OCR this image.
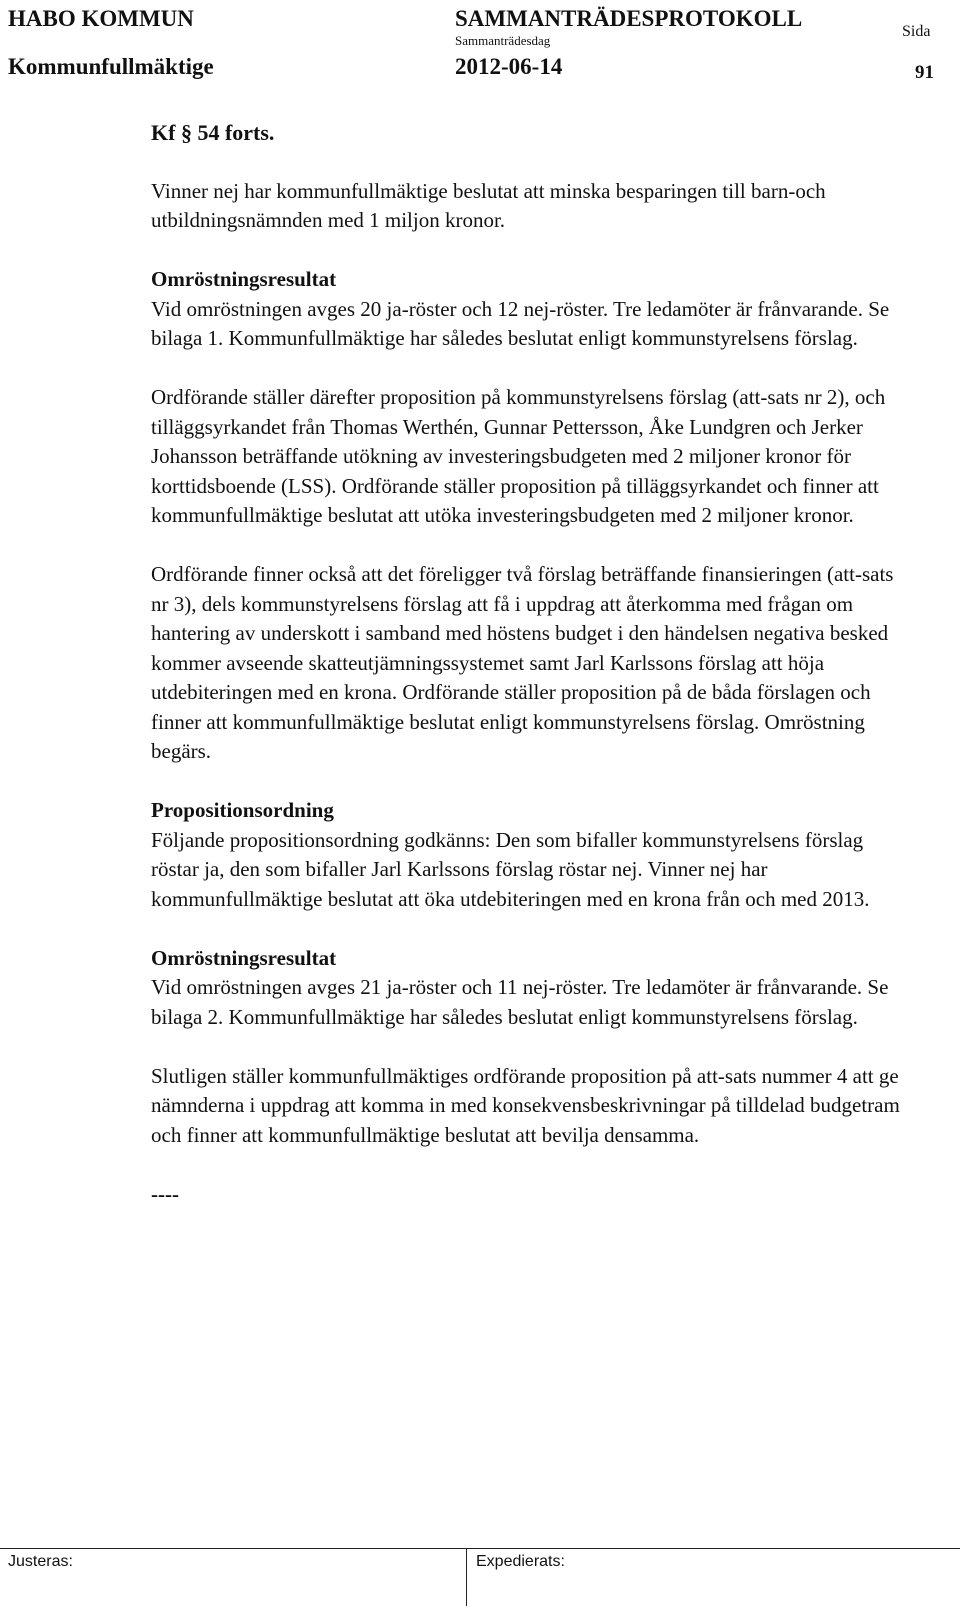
HABO KOMMUN
Kommunfullmäktige
SAMMANTRÄDESPROTOKOLL
Sammanträdesdag
2012-06-14
Sida
91

Kf § 54 forts.

Vinner nej har kommunfullmäktige beslutat att minska besparingen till barn-och utbildningsnämnden med 1 miljon kronor.

Omröstningsresultat
Vid omröstningen avges 20 ja-röster och 12 nej-röster. Tre ledamöter är frånvarande. Se bilaga 1. Kommunfullmäktige har således beslutat enligt kommunstyrelsens förslag.

Ordförande ställer därefter proposition på kommunstyrelsens förslag (att-sats nr 2), och tilläggsyrkandet från Thomas Werthén, Gunnar Pettersson, Åke Lundgren och Jerker Johansson beträffande utökning av investeringsbudgeten med 2 miljoner kronor för korttidsboende (LSS). Ordförande ställer proposition på tilläggsyrkandet och finner att kommunfullmäktige beslutat att utöka investeringsbudgeten med 2 miljoner kronor.

Ordförande finner också att det föreligger två förslag beträffande finansieringen (att-sats nr 3), dels kommunstyrelsens förslag att få i uppdrag att återkomma med frågan om hantering av underskott i samband med höstens budget i den händelsen negativa besked kommer avseende skatteutjämningssystemet samt Jarl Karlssons förslag att höja utdebiteringen med en krona. Ordförande ställer proposition på de båda förslagen och finner att kommunfullmäktige beslutat enligt kommunstyrelsens förslag. Omröstning begärs.

Propositionsordning
Följande propositionsordning godkänns: Den som bifaller kommunstyrelsens förslag röstar ja, den som bifaller Jarl Karlssons förslag röstar nej. Vinner nej har kommunfullmäktige beslutat att öka utdebiteringen med en krona från och med 2013.

Omröstningsresultat
Vid omröstningen avges 21 ja-röster och 11 nej-röster. Tre ledamöter är frånvarande. Se bilaga 2. Kommunfullmäktige har således beslutat enligt kommunstyrelsens förslag.

Slutligen ställer kommunfullmäktiges ordförande proposition på att-sats nummer 4 att ge nämnderna i uppdrag att komma in med konsekvensbeskrivningar på tilldelad budgetram och finner att kommunfullmäktige beslutat att bevilja densamma.

----

Justeras:	Expedierats:
